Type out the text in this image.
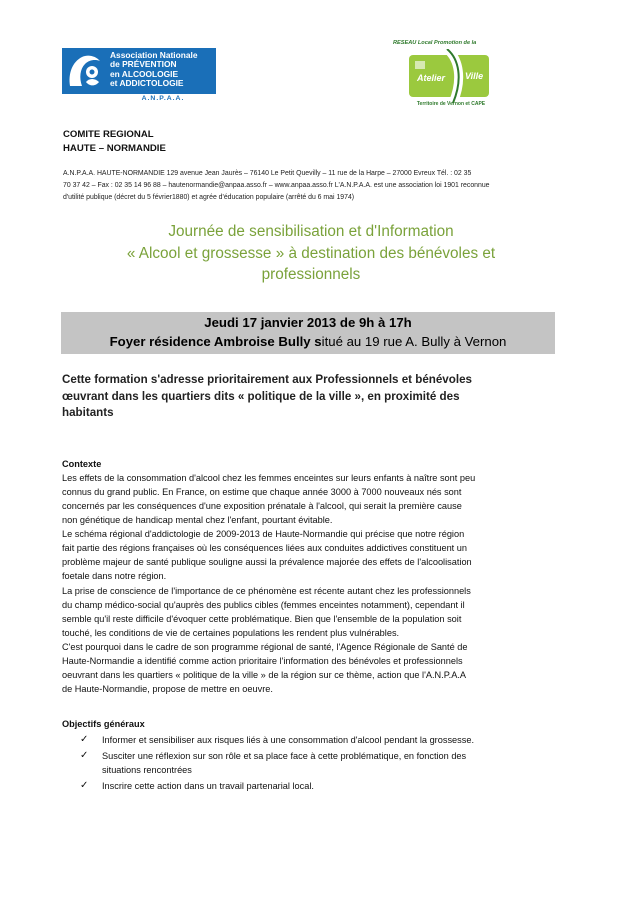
Association Nationale
de PRÉVENTION
en ALCOOLOGIE
et ADDICTOLOGIE
A.N.P.A.A.
RESEAU Local Promotion de la
Atelier Ville
Territoire de Vernon et CAPE
COMITE REGIONAL
HAUTE – NORMANDIE
A.N.P.A.A. HAUTE-NORMANDIE 129 avenue Jean Jaurès – 76140 Le Petit Quevilly – 11 rue de la Harpe – 27000 Evreux Tél. : 02 35
70 37 42 – Fax : 02 35 14 96 88 – hautenormandie@anpaa.asso.fr – www.anpaa.asso.fr L'A.N.P.A.A. est une association loi 1901 reconnue
d'utilité publique (décret du 5 février1880) et agrée d'éducation populaire (arrêté du 6 mai 1974)
Journée de sensibilisation et d'Information
« Alcool et grossesse » à destination des bénévoles et
professionnels
Jeudi 17 janvier 2013 de 9h à 17h
Foyer résidence Ambroise Bully situé au 19 rue A. Bully à Vernon
Cette formation s'adresse prioritairement aux Professionnels et bénévoles
œuvrant dans les quartiers dits « politique de la ville », en proximité des
habitants
Contexte
Les effets de la consommation d'alcool chez les femmes enceintes sur leurs enfants à naître sont peu
connus du grand public. En France, on estime que chaque année 3000 à 7000 nouveaux nés sont
concernés par les conséquences d'une exposition prénatale à l'alcool, qui serait la première cause
non génétique de handicap mental chez l'enfant, pourtant évitable.
Le schéma régional d'addictologie de 2009-2013 de Haute-Normandie qui précise que notre région
fait partie des régions françaises où les conséquences liées aux conduites addictives constituent un
problème majeur de santé publique souligne aussi la prévalence majorée des effets de l'alcoolisation
foetale dans notre région.
La prise de conscience de l'importance de ce phénomène est récente autant chez les professionnels
du champ médico-social qu'auprès des publics cibles (femmes enceintes notamment), cependant il
semble qu'il reste difficile d'évoquer cette problématique. Bien que l'ensemble de la population soit
touché, les conditions de vie de certaines populations les rendent plus vulnérables.
C'est pourquoi dans le cadre de son programme régional de santé, l'Agence Régionale de Santé de
Haute-Normandie a identifié comme action prioritaire l'information des bénévoles et professionnels
oeuvrant dans les quartiers « politique de la ville » de la région sur ce thème, action que l'A.N.P.A.A
de Haute-Normandie, propose de mettre en oeuvre.
Objectifs généraux
✓ Informer et sensibiliser aux risques liés à une consommation d'alcool pendant la grossesse.
✓ Susciter une réflexion sur son rôle et sa place face à cette problématique, en fonction des
situations rencontrées
✓ Inscrire cette action dans un travail partenarial local.
